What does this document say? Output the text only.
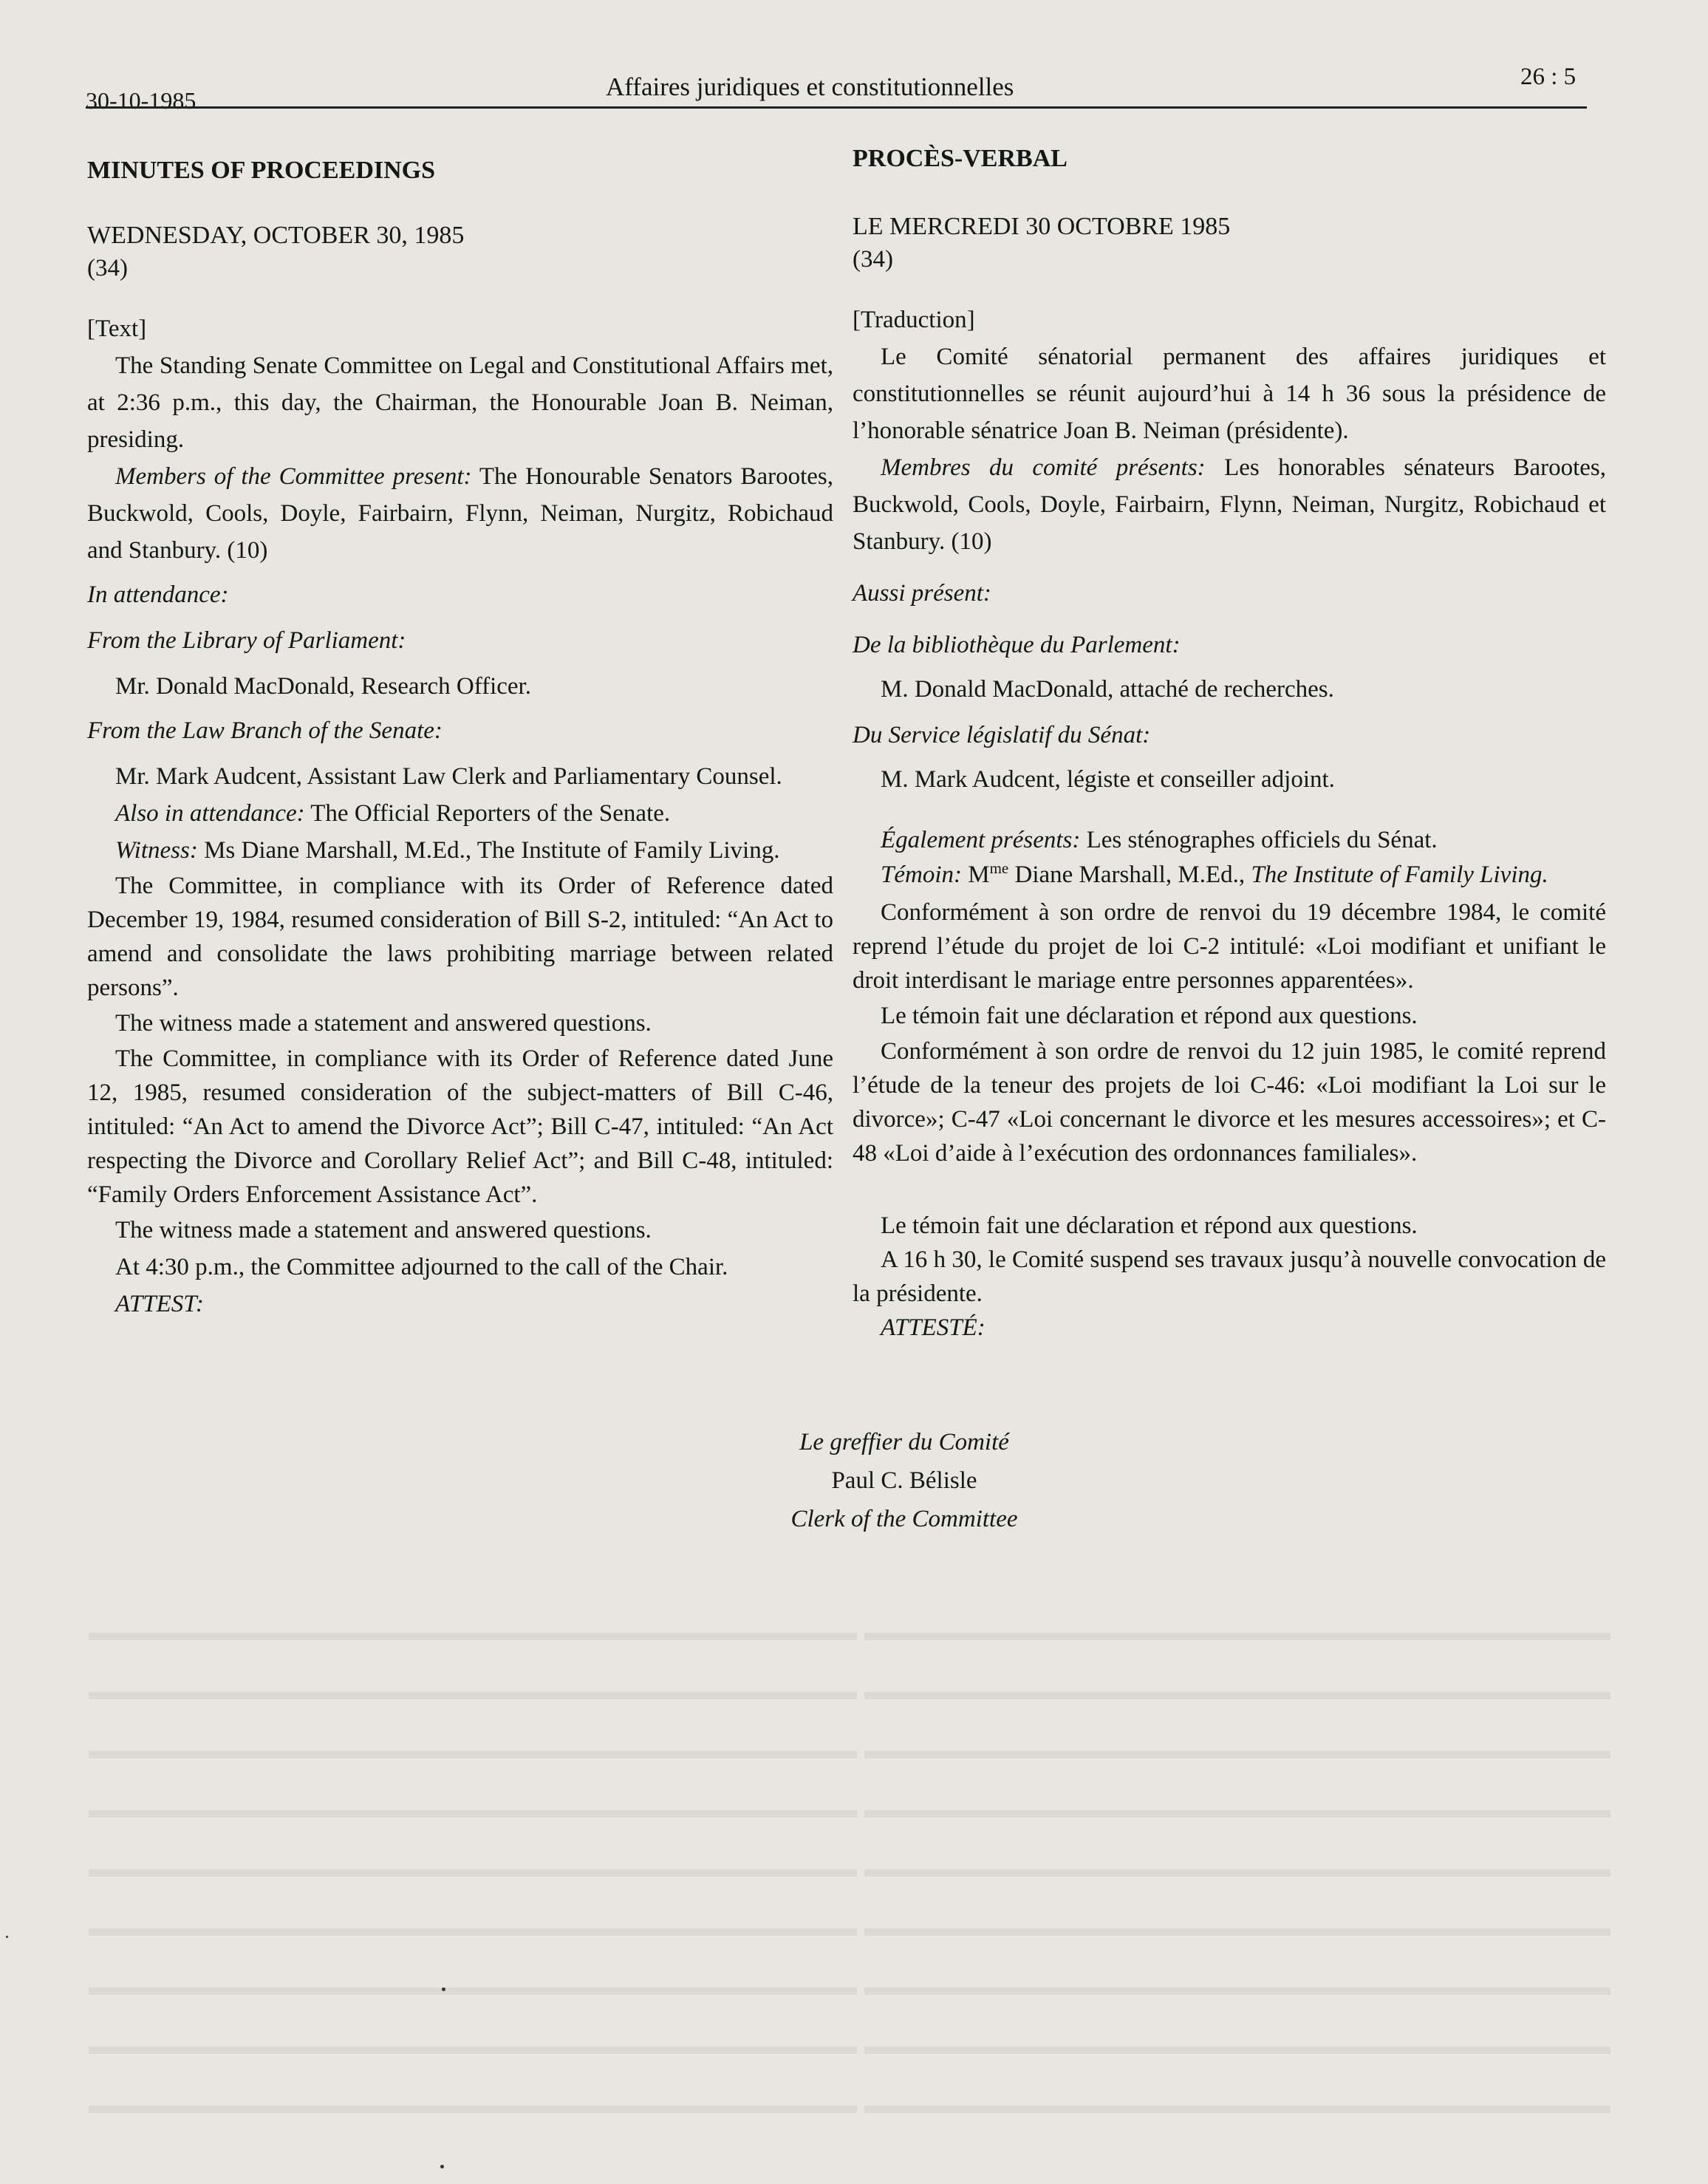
30-10-1985	Affaires juridiques et constitutionnelles	26 : 5

MINUTES OF PROCEEDINGS

WEDNESDAY, OCTOBER 30, 1985

(34)

[Text]

The Standing Senate Committee on Legal and Constitutional Affairs met, at 2:36 p.m., this day, the Chairman, the Honourable Joan B. Neiman, presiding.

Members of the Committee present: The Honourable Senators Barootes, Buckwold, Cools, Doyle, Fairbairn, Flynn, Neiman, Nurgitz, Robichaud and Stanbury. (10)

In attendance:

From the Library of Parliament:

Mr. Donald MacDonald, Research Officer.

From the Law Branch of the Senate:

Mr. Mark Audcent, Assistant Law Clerk and Parliamentary Counsel.

Also in attendance: The Official Reporters of the Senate.

Witness: Ms Diane Marshall, M.Ed., The Institute of Family Living.

The Committee, in compliance with its Order of Reference dated December 19, 1984, resumed consideration of Bill S-2, intituled: “An Act to amend and consolidate the laws prohibiting marriage between related persons”.

The witness made a statement and answered questions.

The Committee, in compliance with its Order of Reference dated June 12, 1985, resumed consideration of the subject-matters of Bill C-46, intituled: “An Act to amend the Divorce Act”; Bill C-47, intituled: “An Act respecting the Divorce and Corollary Relief Act”; and Bill C-48, intituled: “Family Orders Enforcement Assistance Act”.

The witness made a statement and answered questions.

At 4:30 p.m., the Committee adjourned to the call of the Chair.

ATTEST:

PROCÈS-VERBAL

LE MERCREDI 30 OCTOBRE 1985

(34)

[Traduction]

Le Comité sénatorial permanent des affaires juridiques et constitutionnelles se réunit aujourd’hui à 14 h 36 sous la présidence de l’honorable sénatrice Joan B. Neiman (présidente).

Membres du comité présents: Les honorables sénateurs Barootes, Buckwold, Cools, Doyle, Fairbairn, Flynn, Neiman, Nurgitz, Robichaud et Stanbury. (10)

Aussi présent:

De la bibliothèque du Parlement:

M. Donald MacDonald, attaché de recherches.

Du Service législatif du Sénat:

M. Mark Audcent, légiste et conseiller adjoint.

Également présents: Les sténographes officiels du Sénat.

Témoin: $M^{me}$ Diane Marshall, M.Ed., The Institute of Family Living.

Conformément à son ordre de renvoi du 19 décembre 1984, le comité reprend l’étude du projet de loi C-2 intitulé: «Loi modifiant et unifiant le droit interdisant le mariage entre personnes apparentées».

Le témoin fait une déclaration et répond aux questions.

Conformément à son ordre de renvoi du 12 juin 1985, le comité reprend l’étude de la teneur des projets de loi C-46: «Loi modifiant la Loi sur le divorce»; C-47 «Loi concernant le divorce et les mesures accessoires»; et C-48 «Loi d’aide à l’exécution des ordonnances familiales».

Le témoin fait une déclaration et répond aux questions.

A 16 h 30, le Comité suspend ses travaux jusqu’à nouvelle convocation de la présidente.

ATTESTÉ:

Le greffier du Comité
Paul C. Bélisle
Clerk of the Committee
